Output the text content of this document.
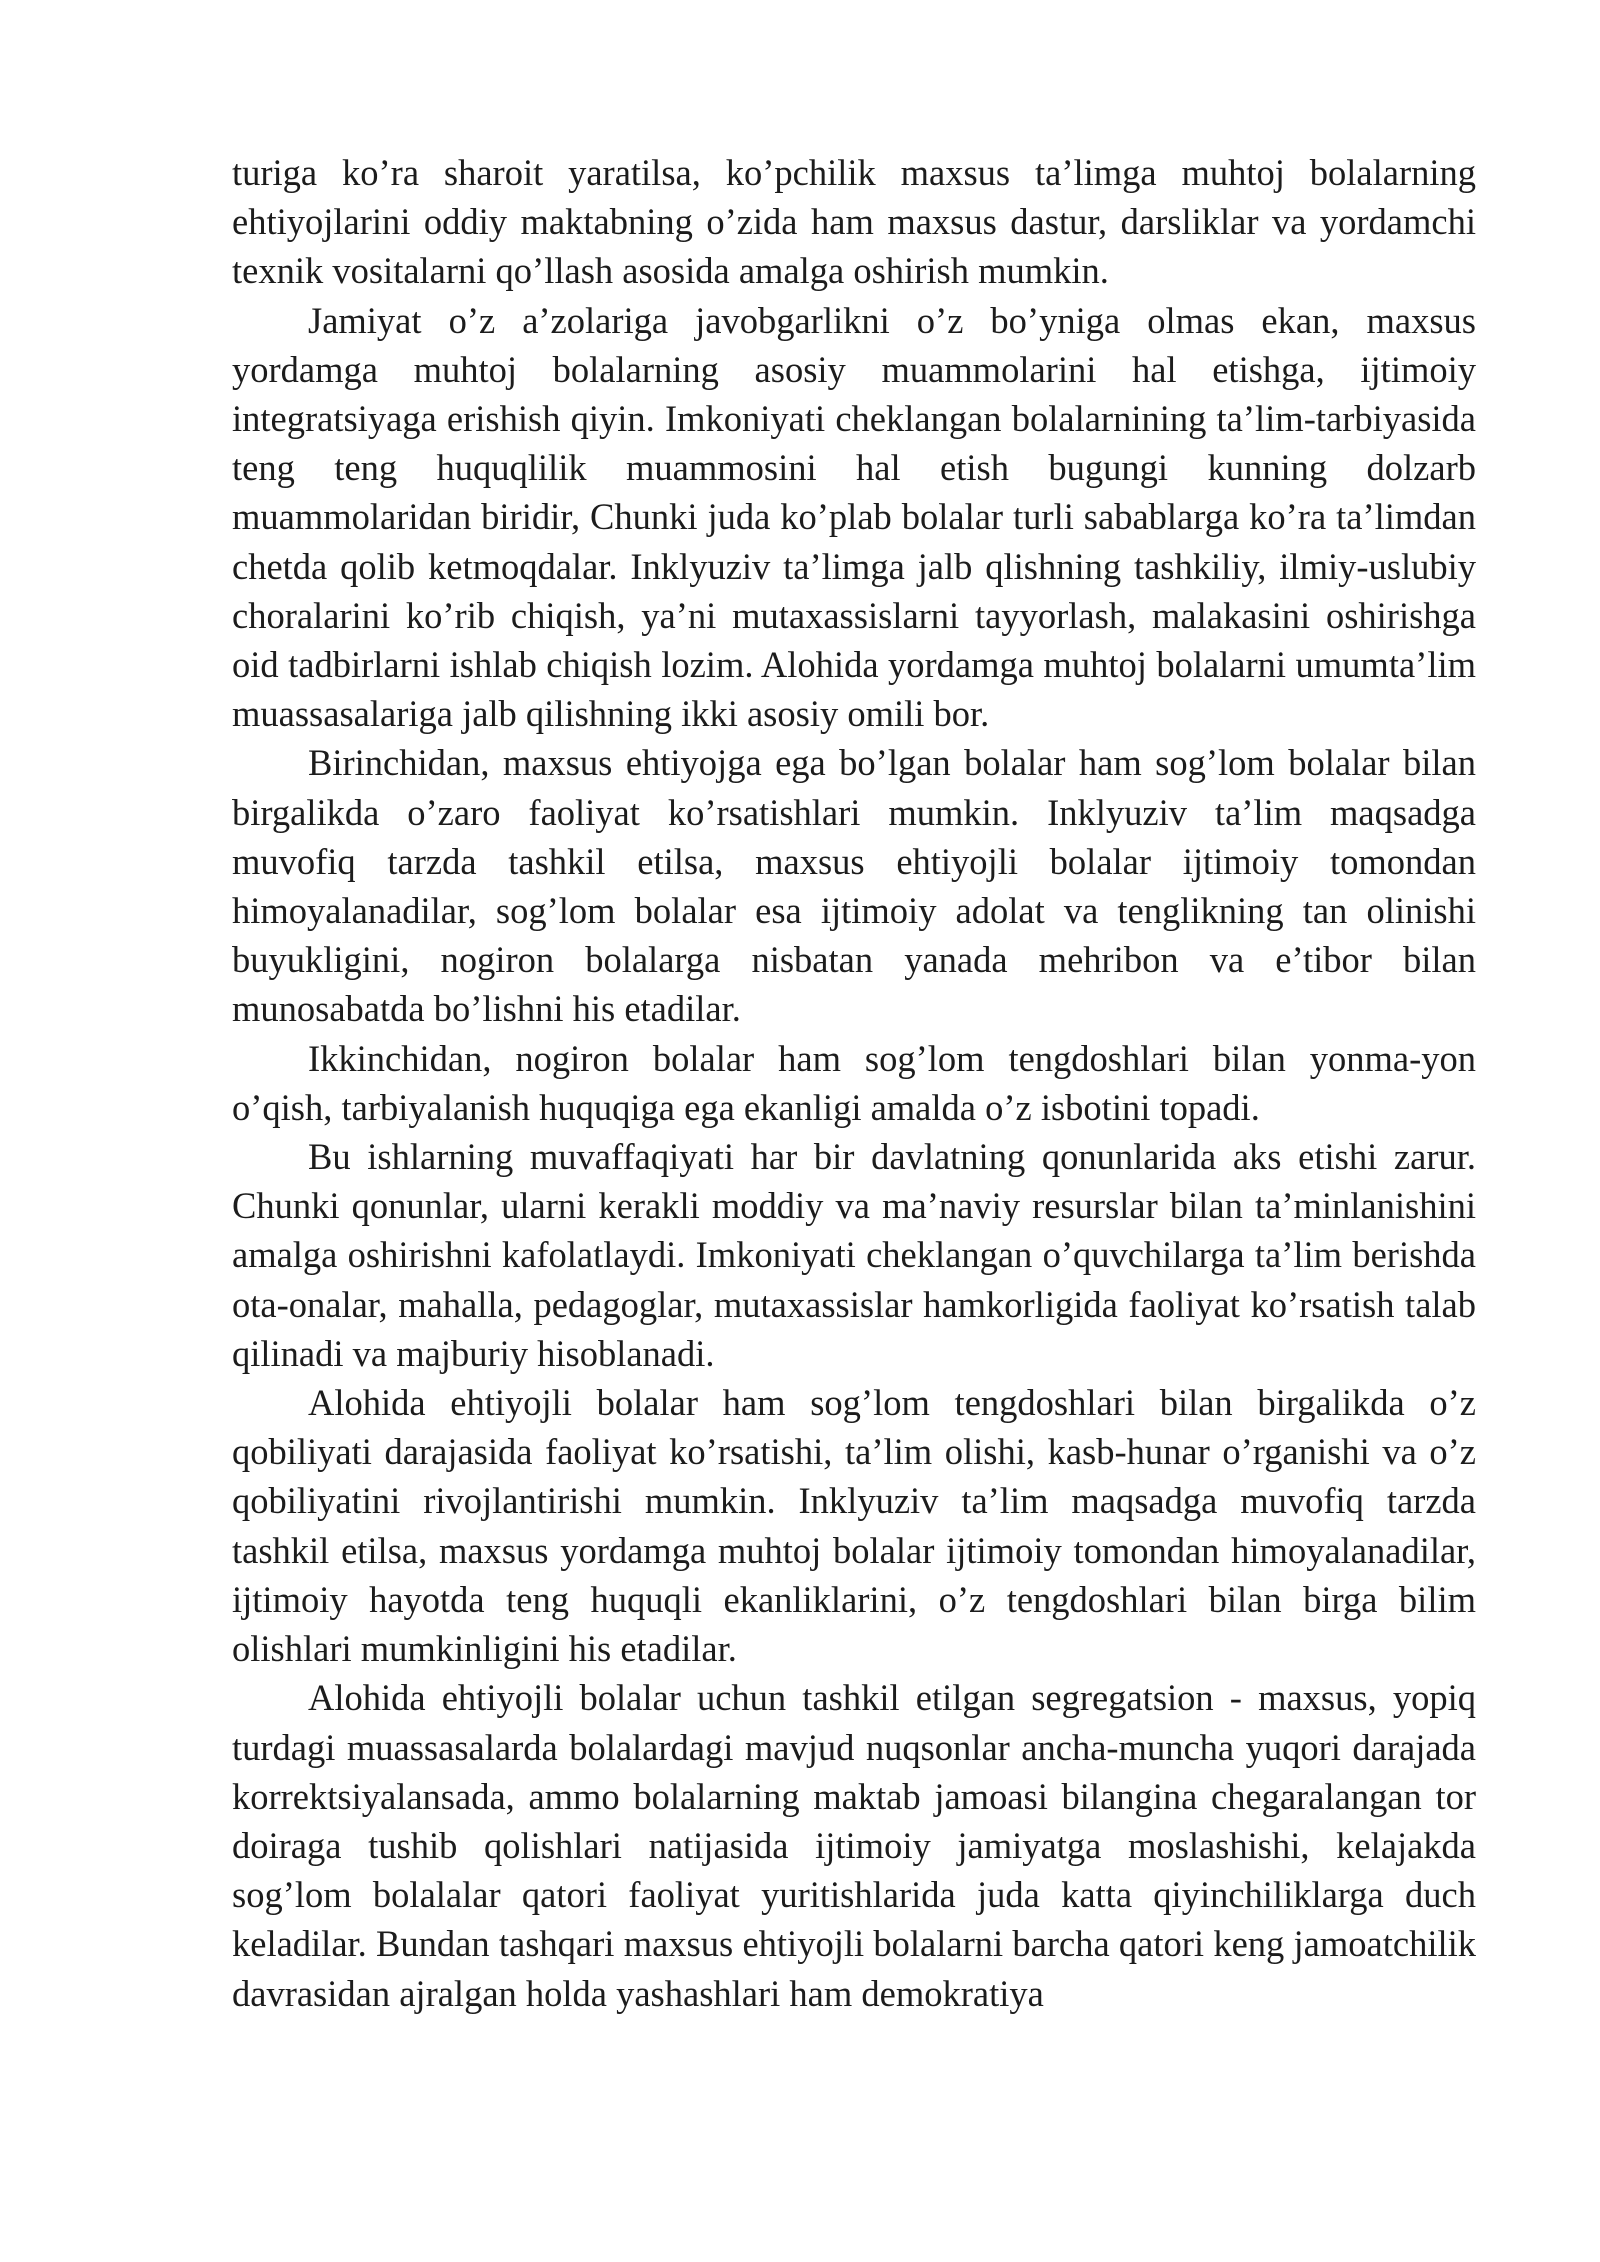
turiga ko’ra sharoit yaratilsa, ko’pchilik maxsus ta’limga muhtoj bolalarning ehtiyojlarini oddiy maktabning o’zida ham maxsus dastur, darsliklar va yordamchi texnik vositalarni qo’llash asosida amalga oshirish mumkin.

Jamiyat o’z a’zolariga javobgarlikni o’z bo’yniga olmas ekan, maxsus yordamga muhtoj bolalarning asosiy muammolarini hal etishga, ijtimoiy integratsiyaga erishish qiyin. Imkoniyati cheklangan bolalarnining ta’lim-tarbiyasida teng teng huquqlilik muammosini hal etish bugungi kunning dolzarb muammolaridan biridir, Chunki juda ko’plab bolalar turli sabablarga ko’ra ta’limdan chetda qolib ketmoqdalar. Inklyuziv ta’limga jalb qlishning tashkiliy, ilmiy-uslubiy choralarini ko’rib chiqish, ya’ni mutaxassislarni tayyorlash, malakasini oshirishga oid tadbirlarni ishlab chiqish lozim. Alohida yordamga muhtoj bolalarni umumta’lim muassasalariga jalb qilishning ikki asosiy omili bor.

Birinchidan, maxsus ehtiyojga ega bo’lgan bolalar ham sog’lom bolalar bilan birgalikda o’zaro faoliyat ko’rsatishlari mumkin. Inklyuziv ta’lim maqsadga muvofiq tarzda tashkil etilsa, maxsus ehtiyojli bolalar ijtimoiy tomondan himoyalanadilar, sog’lom bolalar esa ijtimoiy adolat va tenglikning tan olinishi buyukligini, nogiron bolalarga nisbatan yanada mehribon va e’tibor bilan munosabatda bo’lishni his etadilar.

Ikkinchidan, nogiron bolalar ham sog’lom tengdoshlari bilan yonma-yon o’qish, tarbiyalanish huquqiga ega ekanligi amalda o’z isbotini topadi.

Bu ishlarning muvaffaqiyati har bir davlatning qonunlarida aks etishi zarur. Chunki qonunlar, ularni kerakli moddiy va ma’naviy resurslar bilan ta’minlanishini amalga oshirishni kafolatlaydi. Imkoniyati cheklangan o’quvchilarga ta’lim berishda ota-onalar, mahalla, pedagoglar, mutaxassislar hamkorligida faoliyat ko’rsatish talab qilinadi va majburiy hisoblanadi.

Alohida ehtiyojli bolalar ham sog’lom tengdoshlari bilan birgalikda o’z qobiliyati darajasida faoliyat ko’rsatishi, ta’lim olishi, kasb-hunar o’rganishi va o’z qobiliyatini rivojlantirishi mumkin. Inklyuziv ta’lim maqsadga muvofiq tarzda tashkil etilsa, maxsus yordamga muhtoj bolalar ijtimoiy tomondan himoyalanadilar, ijtimoiy hayotda teng huquqli ekanliklarini, o’z tengdoshlari bilan birga bilim olishlari mumkinligini his etadilar.

Alohida ehtiyojli bolalar uchun tashkil etilgan segregatsion - maxsus, yopiq turdagi muassasalarda bolalardagi mavjud nuqsonlar ancha-muncha yuqori darajada korrektsiyalansada, ammo bolalarning maktab jamoasi bilangina chegaralangan tor doiraga tushib qolishlari natijasida ijtimoiy jamiyatga moslashishi, kelajakda sog’lom bolalalar qatori faoliyat yuritishlarida juda katta qiyinchiliklarga duch keladilar. Bundan tashqari maxsus ehtiyojli bolalarni barcha qatori keng jamoatchilik davrasidan ajralgan holda yashashlari ham demokratiya
